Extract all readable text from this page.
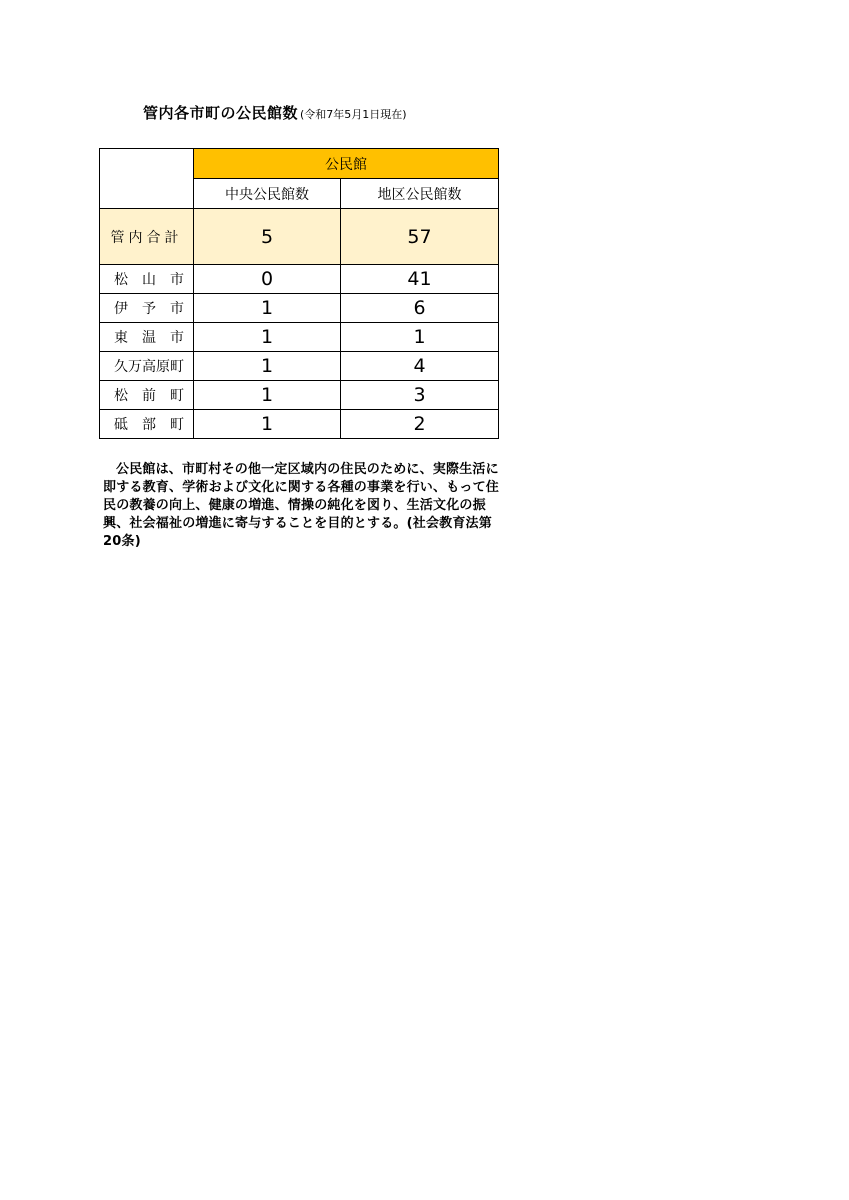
管内各市町の公民館数 (令和7年5月1日現在)
	公民館	
	中央公民館数	地区公民館数
管内合計	5	57
松　山　市	0	41
伊　予　市	1	6
東　温　市	1	1
久万高原町	1	4
松　前　町	1	3
砥　部　町	1	2
公民館は、市町村その他一定区域内の住民のために、実際生活に即する教育、学術および文化に関する各種の事業を行い、もって住民の教養の向上、健康の増進、情操の純化を図り、生活文化の振興、社会福祉の増進に寄与することを目的とする。(社会教育法第20条)
